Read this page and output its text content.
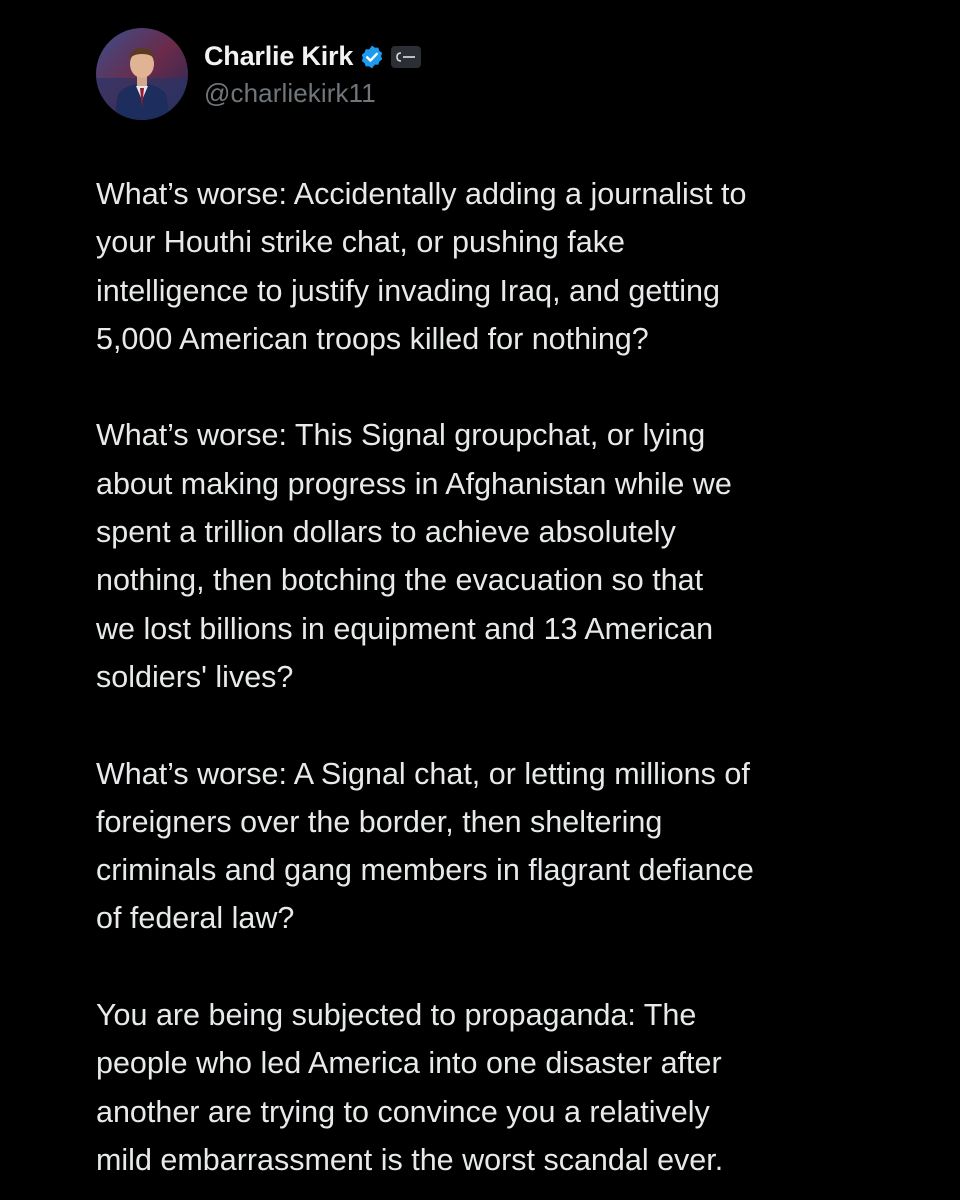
Charlie Kirk
@charliekirk11

What’s worse: Accidentally adding a journalist to
your Houthi strike chat, or pushing fake
intelligence to justify invading Iraq, and getting
5,000 American troops killed for nothing?

What’s worse: This Signal groupchat, or lying
about making progress in Afghanistan while we
spent a trillion dollars to achieve absolutely
nothing, then botching the evacuation so that
we lost billions in equipment and 13 American
soldiers' lives?

What’s worse: A Signal chat, or letting millions of
foreigners over the border, then sheltering
criminals and gang members in flagrant defiance
of federal law?

You are being subjected to propaganda: The
people who led America into one disaster after
another are trying to convince you a relatively
mild embarrassment is the worst scandal ever.
